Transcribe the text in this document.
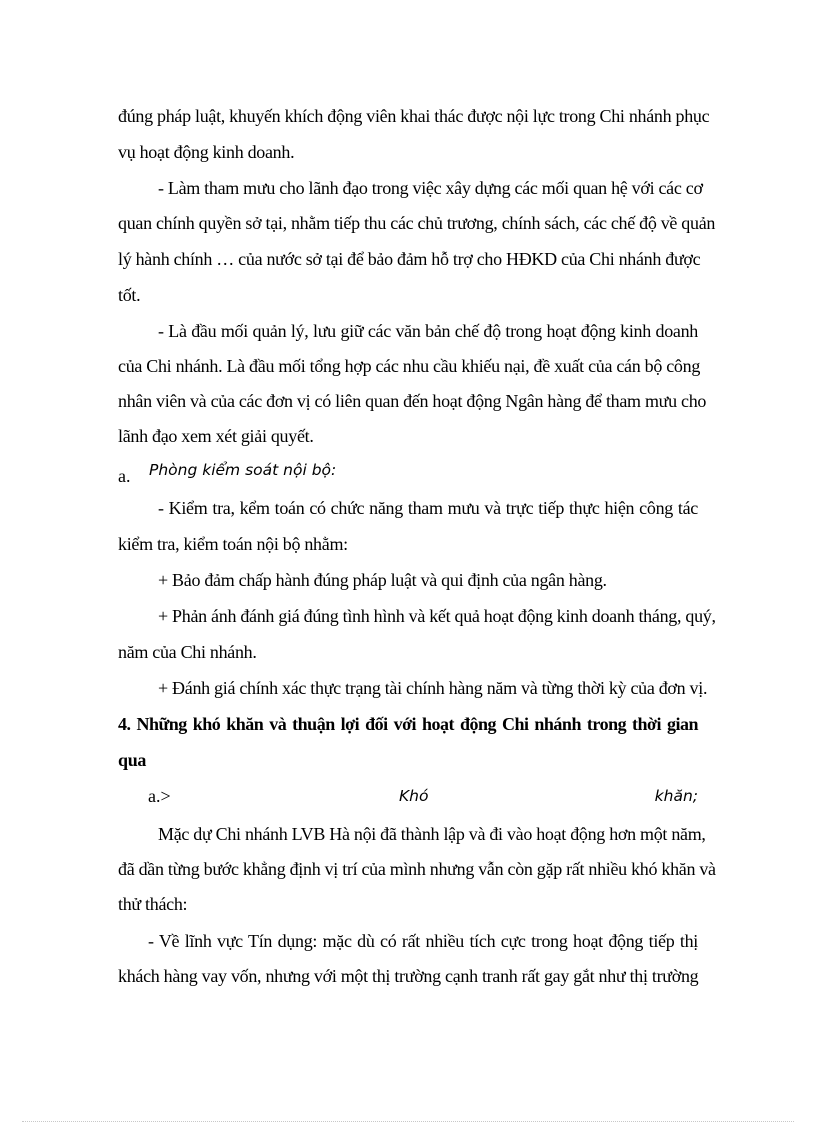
đúng pháp luật, khuyến khích động viên khai thác được nội lực trong Chi nhánh phục
vụ hoạt động kinh doanh.
- Làm tham mưu cho lãnh đạo trong việc xây dựng các mối quan hệ với các cơ
quan chính quyền sở tại, nhằm tiếp thu các chủ trương, chính sách, các chế độ về quản
lý hành chính … của nước sở tại để bảo đảm hỗ trợ cho HĐKD của Chi nhánh được
tốt.
- Là đầu mối quản lý, lưu giữ các văn bản chế độ trong hoạt động kinh doanh
của Chi nhánh. Là đầu mối tổng hợp các nhu cầu khiếu nại, đề xuất của cán bộ công
nhân viên và của các đơn vị có liên quan đến hoạt động Ngân hàng để tham mưu cho
lãnh đạo xem xét giải quyết.
a. Phòng kiểm soát nội bộ:
- Kiểm tra, kểm toán có chức năng tham mưu và trực tiếp thực hiện công tác
kiểm tra, kiểm toán nội bộ nhằm:
+ Bảo đảm chấp hành đúng pháp luật và qui định của ngân hàng.
+ Phản ánh đánh giá đúng tình hình và kết quả hoạt động kinh doanh tháng, quý,
năm của Chi nhánh.
+ Đánh giá chính xác thực trạng tài chính hàng năm và từng thời kỳ của đơn vị.
4. Những khó khăn và thuận lợi đối với hoạt động Chi nhánh trong thời gian
qua
a.>	Khó	khăn;
Mặc dự Chi nhánh LVB Hà nội đã thành lập và đi vào hoạt động hơn một năm,
đã dần từng bước khẳng định vị trí của mình nhưng vẫn còn gặp rất nhiều khó khăn và
thử thách:
- Về lĩnh vực Tín dụng: mặc dù có rất nhiều tích cực trong hoạt động tiếp thị
khách hàng vay vốn, nhưng với một thị trường cạnh tranh rất gay gắt như thị trường
